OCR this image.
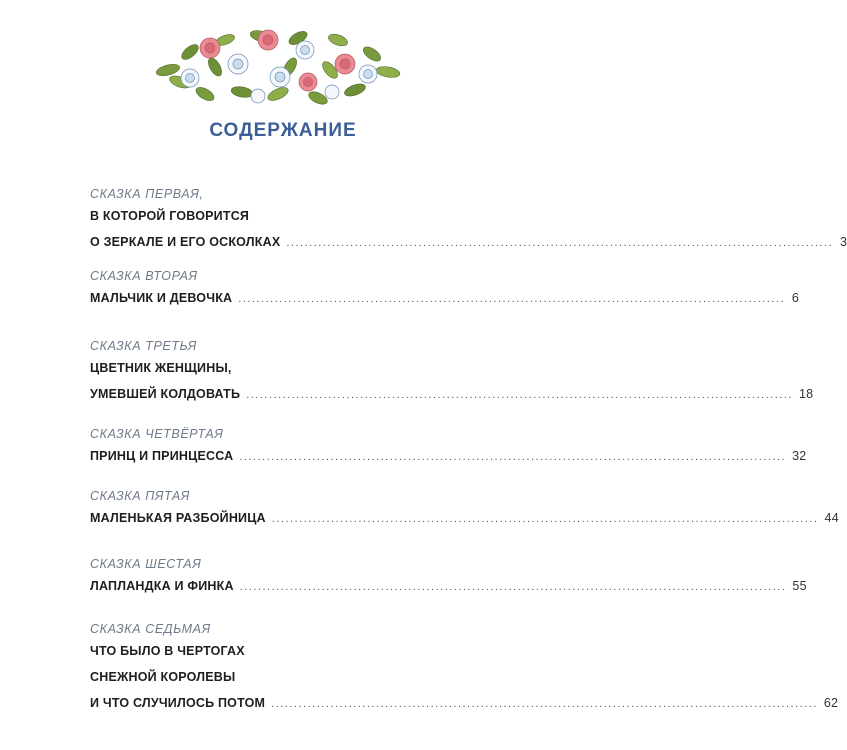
СОДЕРЖАНИЕ
СКАЗКА ПЕРВАЯ,
В КОТОРОЙ ГОВОРИТСЯ
О ЗЕРКАЛЕ И ЕГО ОСКОЛКАХ ........................................................................................................................ 3
СКАЗКА ВТОРАЯ
МАЛЬЧИК И ДЕВОЧКА ........................................................................................................................ 6
СКАЗКА ТРЕТЬЯ
ЦВЕТНИК ЖЕНЩИНЫ,
УМЕВШЕЙ КОЛДОВАТЬ ........................................................................................................................ 18
СКАЗКА ЧЕТВЁРТАЯ
ПРИНЦ И ПРИНЦЕССА ........................................................................................................................ 32
СКАЗКА ПЯТАЯ
МАЛЕНЬКАЯ РАЗБОЙНИЦА ........................................................................................................................ 44
СКАЗКА ШЕСТАЯ
ЛАПЛАНДКА И ФИНКА ........................................................................................................................ 55
СКАЗКА СЕДЬМАЯ
ЧТО БЫЛО В ЧЕРТОГАХ
СНЕЖНОЙ КОРОЛЕВЫ
И ЧТО СЛУЧИЛОСЬ ПОТОМ ........................................................................................................................ 62
